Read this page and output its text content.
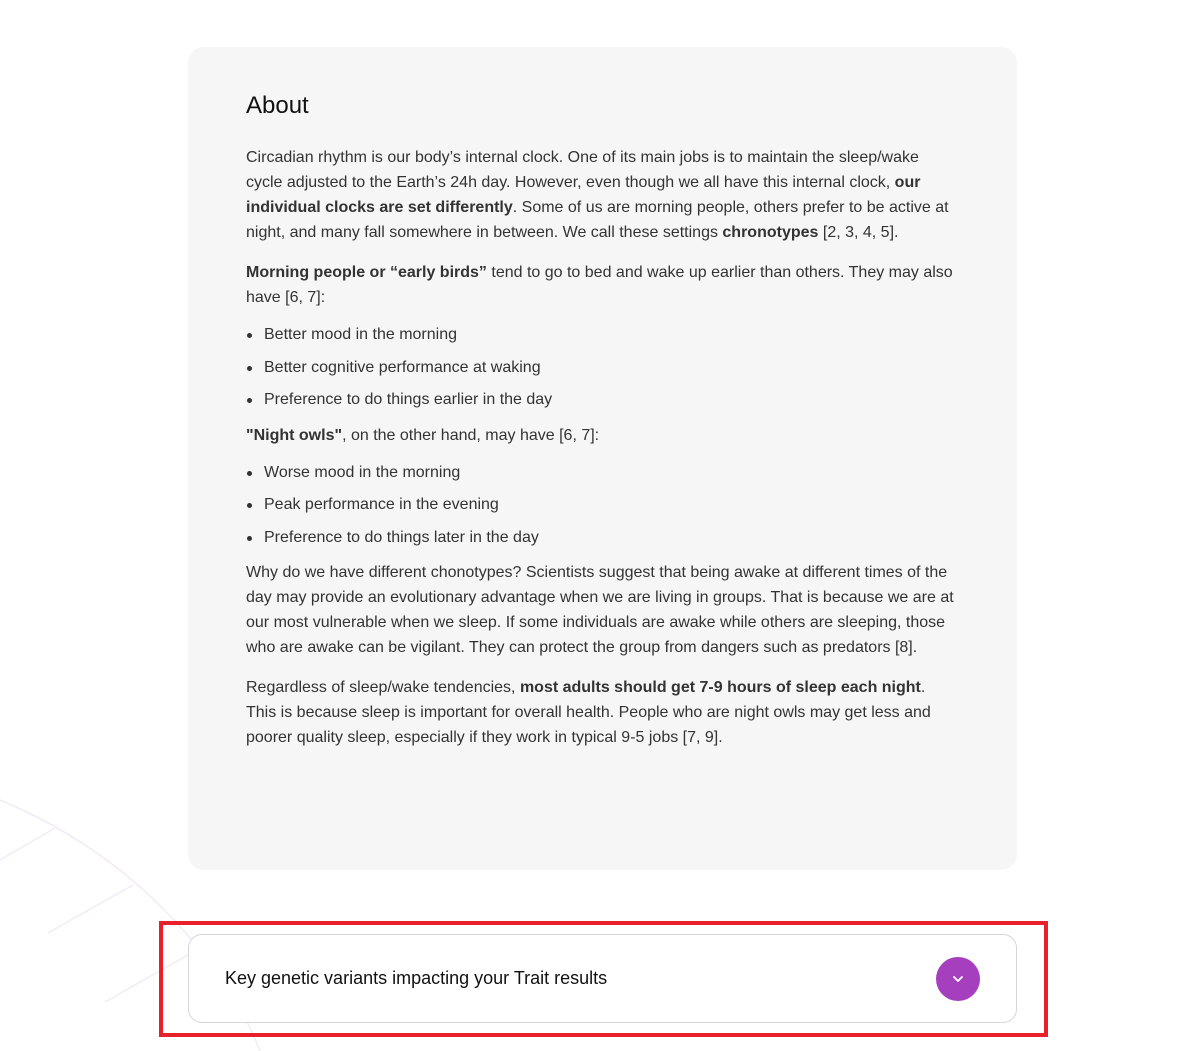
About

Circadian rhythm is our body’s internal clock. One of its main jobs is to maintain the sleep/wake cycle adjusted to the Earth’s 24h day. However, even though we all have this internal clock, our individual clocks are set differently. Some of us are morning people, others prefer to be active at night, and many fall somewhere in between. We call these settings chronotypes [2, 3, 4, 5].

Morning people or “early birds” tend to go to bed and wake up earlier than others. They may also have [6, 7]:

Better mood in the morning
Better cognitive performance at waking
Preference to do things earlier in the day

"Night owls", on the other hand, may have [6, 7]:

Worse mood in the morning
Peak performance in the evening
Preference to do things later in the day

Why do we have different chonotypes? Scientists suggest that being awake at different times of the day may provide an evolutionary advantage when we are living in groups. That is because we are at our most vulnerable when we sleep. If some individuals are awake while others are sleeping, those who are awake can be vigilant. They can protect the group from dangers such as predators [8].

Regardless of sleep/wake tendencies, most adults should get 7-9 hours of sleep each night. This is because sleep is important for overall health. People who are night owls may get less and poorer quality sleep, especially if they work in typical 9-5 jobs [7, 9].

Key genetic variants impacting your Trait results
